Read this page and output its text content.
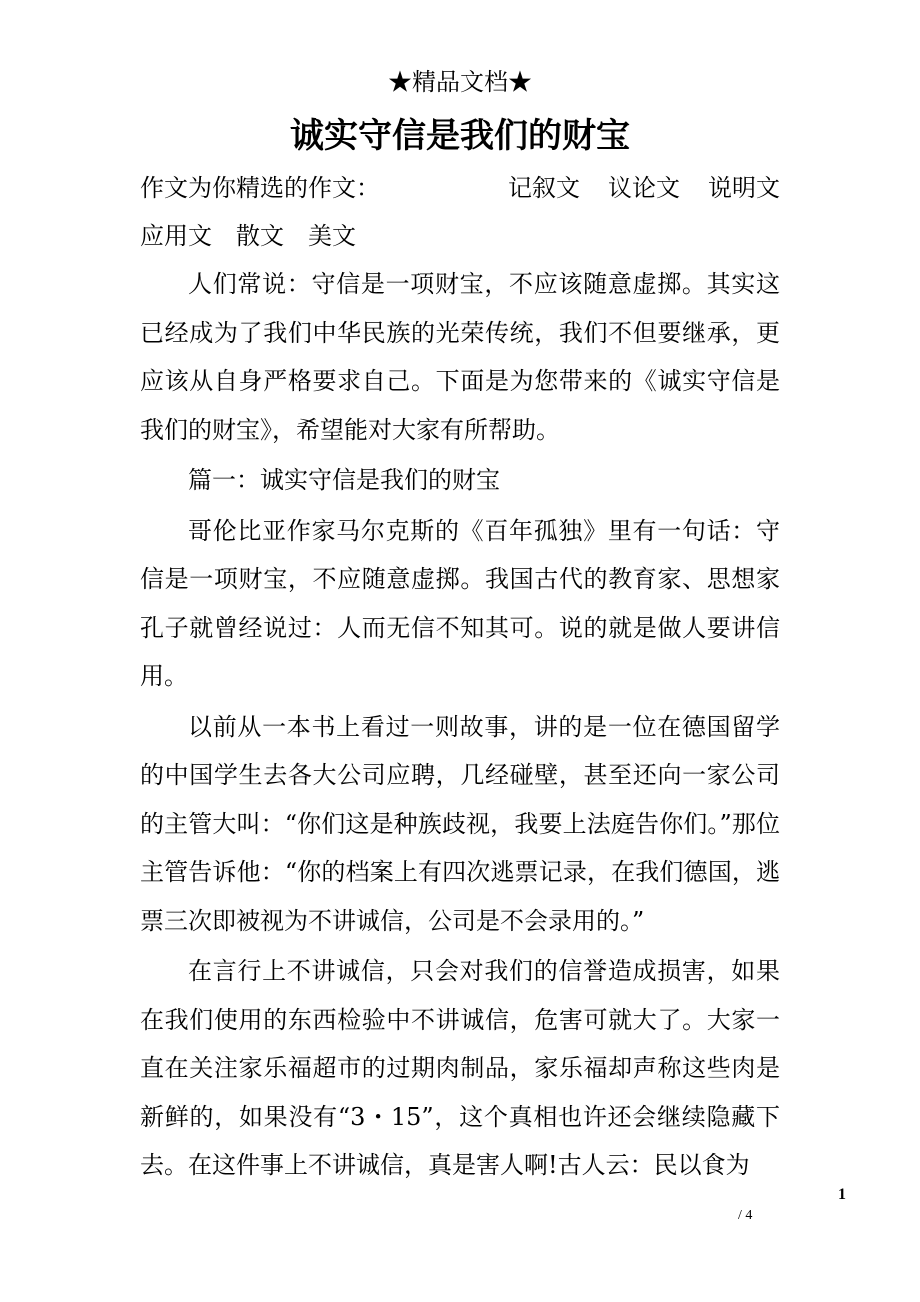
★精品文档★
诚实守信是我们的财宝
作文为你精选的作文：	记叙文 议论文 说明文
应用文 散文 美文

人们常说：守信是一项财宝，不应该随意虚掷。其实这已经成为了我们中华民族的光荣传统，我们不但要继承，更应该从自身严格要求自己。下面是为您带来的《诚实守信是我们的财宝》，希望能对大家有所帮助。

篇一：诚实守信是我们的财宝

哥伦比亚作家马尔克斯的《百年孤独》里有一句话：守信是一项财宝，不应随意虚掷。我国古代的教育家、思想家孔子就曾经说过：人而无信不知其可。说的就是做人要讲信用。

以前从一本书上看过一则故事，讲的是一位在德国留学的中国学生去各大公司应聘，几经碰壁，甚至还向一家公司的主管大叫：“你们这是种族歧视，我要上法庭告你们。”那位主管告诉他：“你的档案上有四次逃票记录，在我们德国，逃票三次即被视为不讲诚信，公司是不会录用的。”

在言行上不讲诚信，只会对我们的信誉造成损害，如果在我们使用的东西检验中不讲诚信，危害可就大了。大家一直在关注家乐福超市的过期肉制品，家乐福却声称这些肉是新鲜的，如果没有“3・15”，这个真相也许还会继续隐藏下去。在这件事上不讲诚信，真是害人啊!古人云：民以食为

1
/ 4
